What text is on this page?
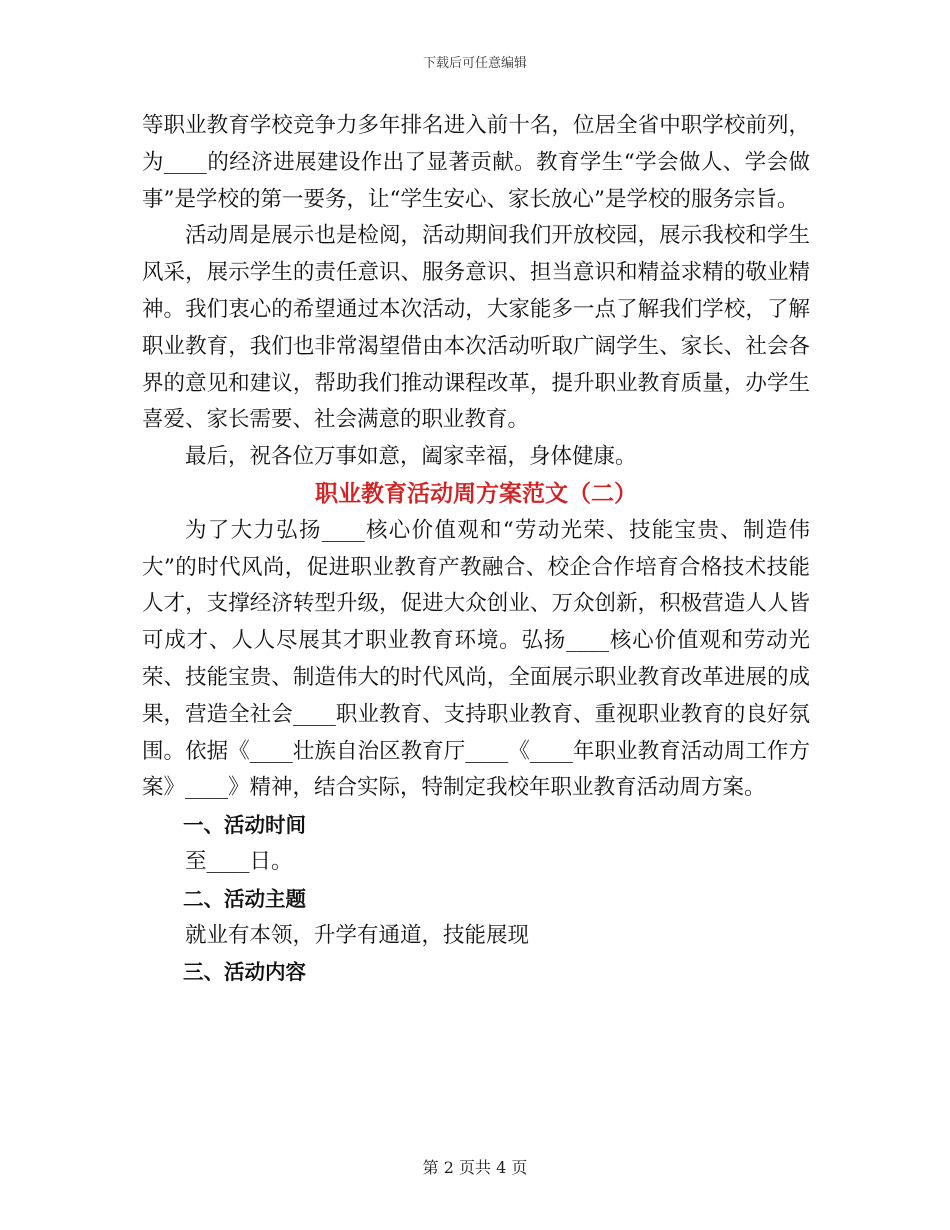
下载后可任意编辑

等职业教育学校竞争力多年排名进入前十名，位居全省中职学校前列，为____的经济进展建设作出了显著贡献。教育学生“学会做人、学会做事”是学校的第一要务，让“学生安心、家长放心”是学校的服务宗旨。

活动周是展示也是检阅，活动期间我们开放校园，展示我校和学生风采，展示学生的责任意识、服务意识、担当意识和精益求精的敬业精神。我们衷心的希望通过本次活动，大家能多一点了解我们学校，了解职业教育，我们也非常渴望借由本次活动听取广阔学生、家长、社会各界的意见和建议，帮助我们推动课程改革，提升职业教育质量，办学生喜爱、家长需要、社会满意的职业教育。

最后，祝各位万事如意，阖家幸福，身体健康。

职业教育活动周方案范文（二）

为了大力弘扬____核心价值观和“劳动光荣、技能宝贵、制造伟大”的时代风尚，促进职业教育产教融合、校企合作培育合格技术技能人才，支撑经济转型升级，促进大众创业、万众创新，积极营造人人皆可成才、人人尽展其才职业教育环境。弘扬____核心价值观和劳动光荣、技能宝贵、制造伟大的时代风尚，全面展示职业教育改革进展的成果，营造全社会____职业教育、支持职业教育、重视职业教育的良好氛围。依据《____壮族自治区教育厅____《____年职业教育活动周工作方案》____》精神，结合实际，特制定我校年职业教育活动周方案。

一、活动时间

至____日。

二、活动主题

就业有本领，升学有通道，技能展现

三、活动内容

第 2 页共 4 页
